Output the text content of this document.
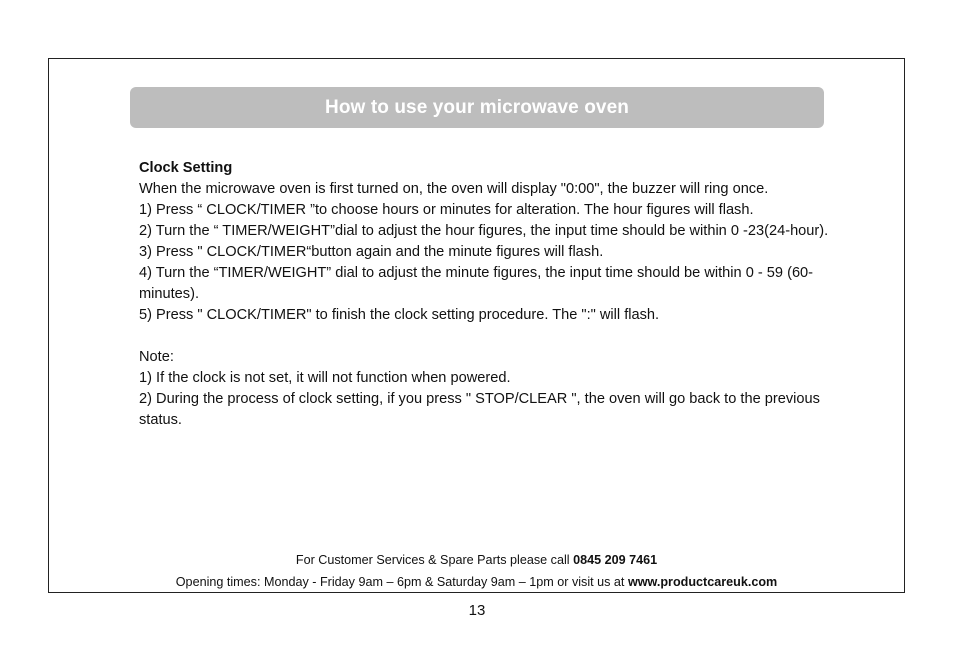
How to use your microwave oven

Clock Setting

When the microwave oven is first turned on, the oven will display "0:00", the buzzer will ring once.

1) Press “ CLOCK/TIMER ”to choose hours or minutes for alteration. The hour figures will flash.

2) Turn the “ TIMER/WEIGHT”dial to adjust the hour figures, the input time should be within 0 -23(24-hour).

3) Press " CLOCK/TIMER“button again and the minute figures will flash.

4) Turn the “TIMER/WEIGHT” dial to adjust the minute figures, the input time should be within 0 - 59 (60-minutes).

5) Press " CLOCK/TIMER" to finish the clock setting procedure. The ":" will flash.

Note:

1) If the clock is not set, it will not function when powered.

2) During the process of clock setting, if you press " STOP/CLEAR ", the oven will go back to the previous status.

For Customer Services & Spare Parts please call 0845 209 7461
Opening times: Monday - Friday 9am – 6pm & Saturday 9am – 1pm or visit us at www.productcareuk.com
13
